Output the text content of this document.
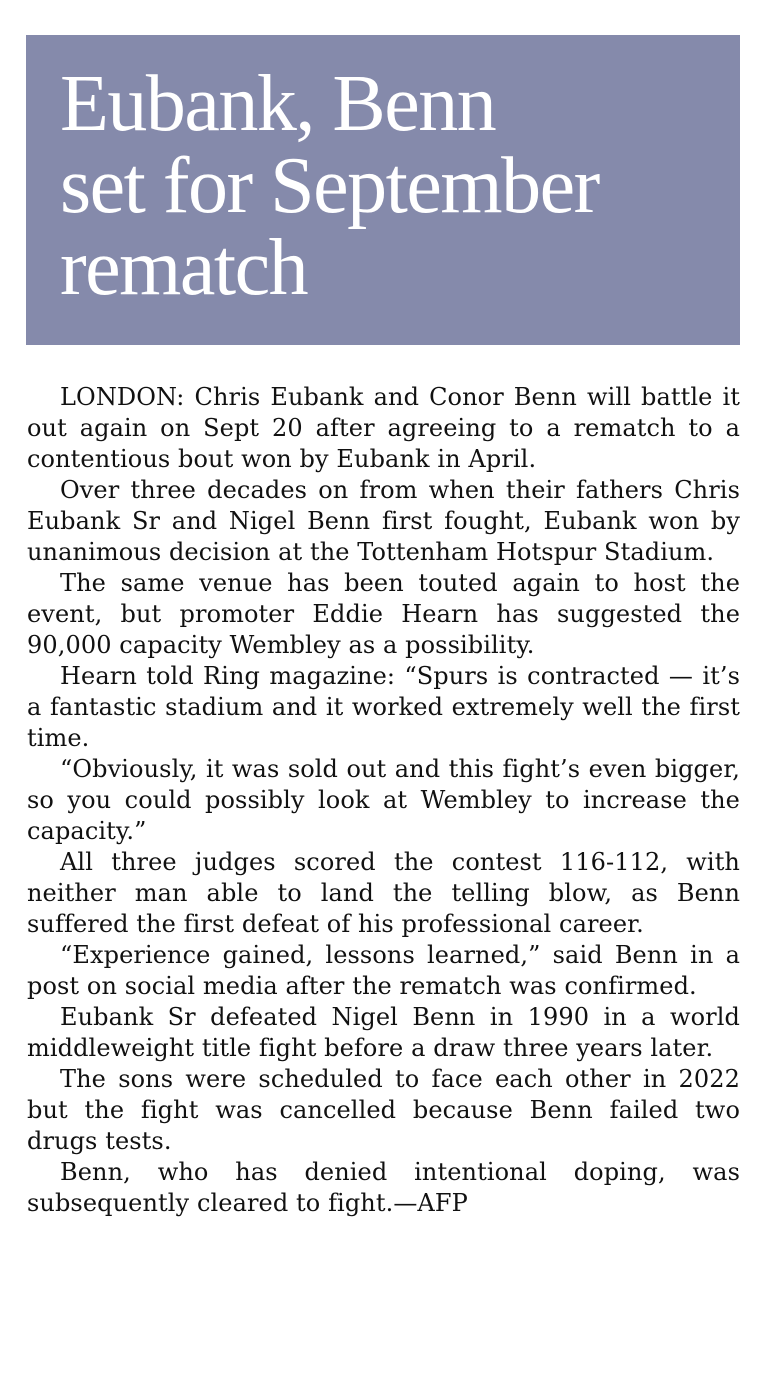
Eubank, Benn
set for September
rematch

LONDON: Chris Eubank and Conor Benn will battle it out again on Sept 20 after agreeing to a rematch to a contentious bout won by Eubank in April.

Over three decades on from when their fathers Chris Eubank Sr and Nigel Benn first fought, Eubank won by unanimous decision at the Tottenham Hotspur Stadium.

The same venue has been touted again to host the event, but promoter Eddie Hearn has suggested the 90,000 capacity Wembley as a possibility.

Hearn told Ring magazine: “Spurs is contracted — it’s a fantastic stadium and it worked extremely well the first time.

“Obviously, it was sold out and this fight’s even bigger, so you could possibly look at Wembley to increase the capacity.”

All three judges scored the contest 116-112, with neither man able to land the telling blow, as Benn suffered the first defeat of his professional career.

“Experience gained, lessons learned,” said Benn in a post on social media after the rematch was confirmed.

Eubank Sr defeated Nigel Benn in 1990 in a world middleweight title fight before a draw three years later.

The sons were scheduled to face each other in 2022 but the fight was cancelled because Benn failed two drugs tests.

Benn, who has denied intentional doping, was subsequently cleared to fight.—AFP
